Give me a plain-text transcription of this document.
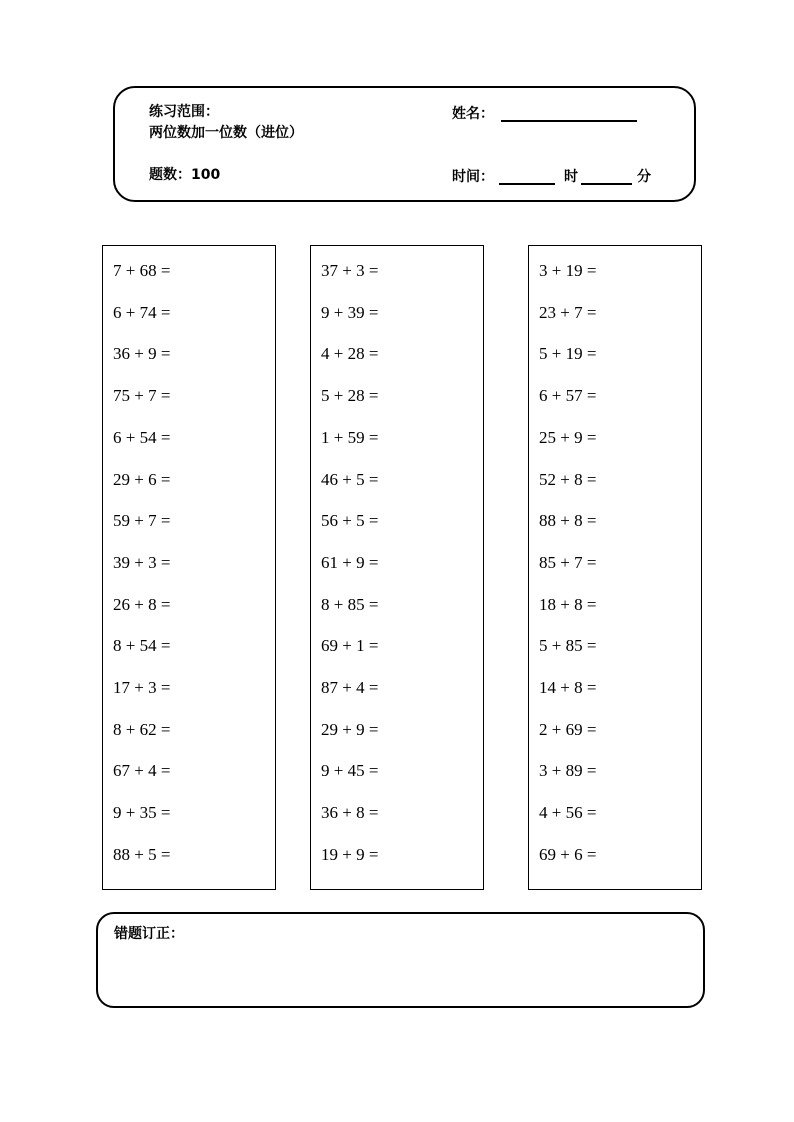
练习范围：
两位数加一位数（进位）
题数：100
姓名：
时间：	时	分
7 + 68 =
6 + 74 =
36 + 9 =
75 + 7 =
6 + 54 =
29 + 6 =
59 + 7 =
39 + 3 =
26 + 8 =
8 + 54 =
17 + 3 =
8 + 62 =
67 + 4 =
9 + 35 =
88 + 5 =
37 + 3 =
9 + 39 =
4 + 28 =
5 + 28 =
1 + 59 =
46 + 5 =
56 + 5 =
61 + 9 =
8 + 85 =
69 + 1 =
87 + 4 =
29 + 9 =
9 + 45 =
36 + 8 =
19 + 9 =
3 + 19 =
23 + 7 =
5 + 19 =
6 + 57 =
25 + 9 =
52 + 8 =
88 + 8 =
85 + 7 =
18 + 8 =
5 + 85 =
14 + 8 =
2 + 69 =
3 + 89 =
4 + 56 =
69 + 6 =
错题订正：
